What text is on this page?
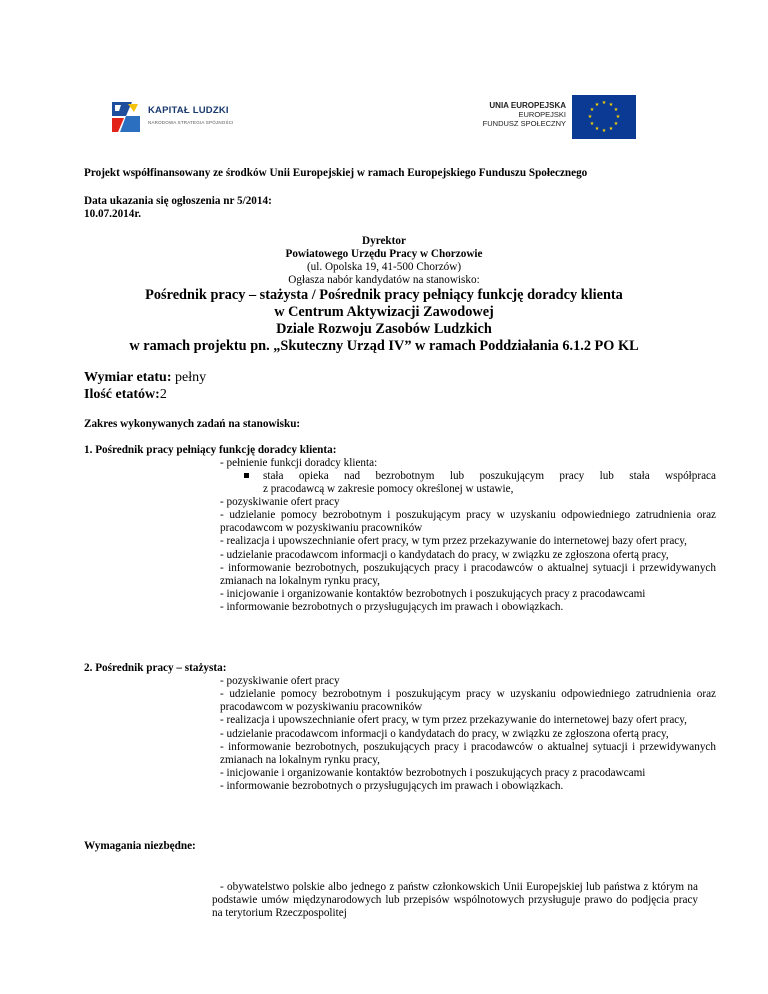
KAPITAŁ LUDZKI
NARODOWA STRATEGIA SPÓJNOŚCI
UNIA EUROPEJSKA
EUROPEJSKI
FUNDUSZ SPOŁECZNY
★ ★
★
★
★
★
★
★
★
★
★
★
Projekt współfinansowany ze środków Unii Europejskiej w ramach Europejskiego Funduszu Społecznego
Data ukazania się ogłoszenia nr 5/2014:
10.07.2014r.
Dyrektor
Powiatowego Urzędu Pracy w Chorzowie
(ul. Opolska 19, 41-500 Chorzów)
Ogłasza nabór kandydatów na stanowisko:
Pośrednik pracy – stażysta / Pośrednik pracy pełniący funkcję doradcy klienta
w Centrum Aktywizacji Zawodowej
Dziale Rozwoju Zasobów Ludzkich
w ramach projektu pn. „Skuteczny Urząd IV” w ramach Poddziałania 6.1.2 PO KL
Wymiar etatu: pełny
Ilość etatów:2
Zakres wykonywanych zadań na stanowisku:
1. Pośrednik pracy pełniący funkcję doradcy klienta:
- pełnienie funkcji doradcy klienta:
stała opieka nad bezrobotnym lub poszukującym pracy lub stała współpraca
z pracodawcą w zakresie pomocy określonej w ustawie,
- pozyskiwanie ofert pracy

- udzielanie pomocy bezrobotnym i poszukującym pracy w uzyskaniu odpowiedniego zatrudnienia oraz pracodawcom w pozyskiwaniu pracowników

- realizacja i upowszechnianie ofert pracy, w tym przez przekazywanie do internetowej bazy ofert pracy,

- udzielanie pracodawcom informacji o kandydatach do pracy, w związku ze zgłoszona ofertą pracy,

- informowanie bezrobotnych, poszukujących pracy i pracodawców o aktualnej sytuacji i przewidywanych zmianach na lokalnym rynku pracy,

- inicjowanie i organizowanie kontaktów bezrobotnych i poszukujących pracy z pracodawcami

- informowanie bezrobotnych o przysługujących im prawach i obowiązkach.

2. Pośrednik pracy – stażysta:
- pozyskiwanie ofert pracy

- udzielanie pomocy bezrobotnym i poszukującym pracy w uzyskaniu odpowiedniego zatrudnienia oraz pracodawcom w pozyskiwaniu pracowników

- realizacja i upowszechnianie ofert pracy, w tym przez przekazywanie do internetowej bazy ofert pracy,

- udzielanie pracodawcom informacji o kandydatach do pracy, w związku ze zgłoszona ofertą pracy,

- informowanie bezrobotnych, poszukujących pracy i pracodawców o aktualnej sytuacji i przewidywanych zmianach na lokalnym rynku pracy,

- inicjowanie i organizowanie kontaktów bezrobotnych i poszukujących pracy z pracodawcami

- informowanie bezrobotnych o przysługujących im prawach i obowiązkach.

Wymagania niezbędne:
- obywatelstwo polskie albo jednego z państw członkowskich Unii Europejskiej lub państwa z którym na podstawie umów międzynarodowych lub przepisów wspólnotowych przysługuje prawo do podjęcia pracy na terytorium Rzeczpospolitej
